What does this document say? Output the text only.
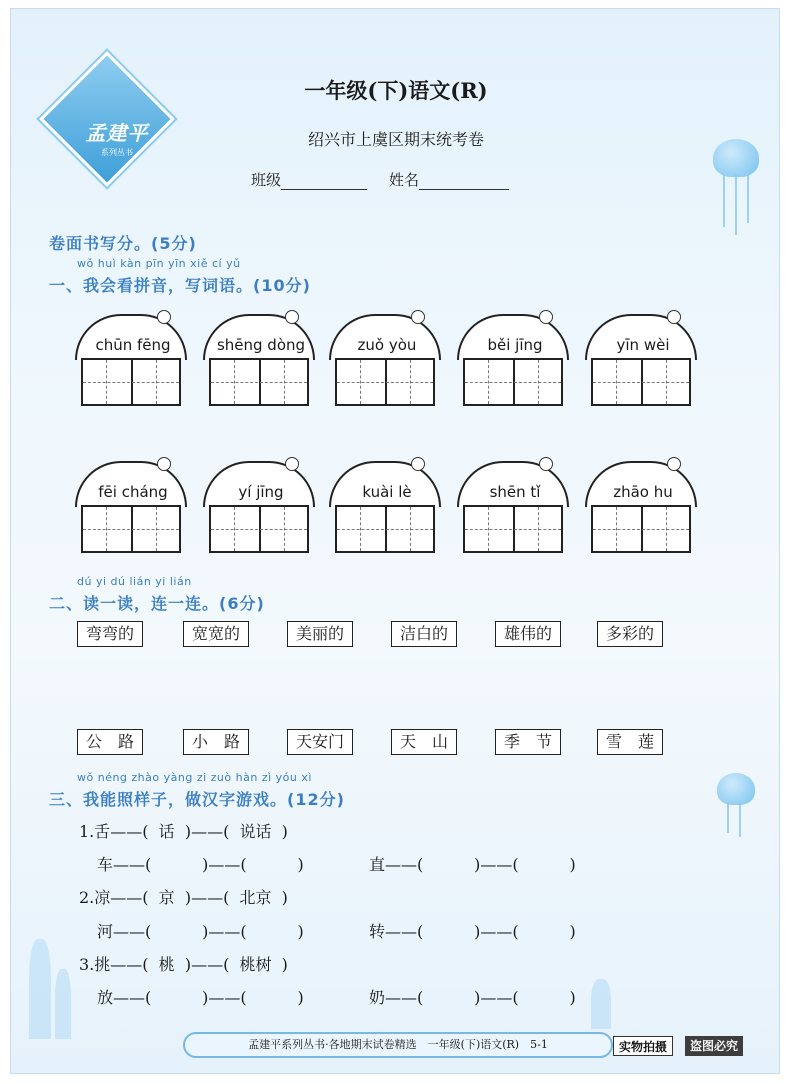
孟建平
系列丛书
一年级(下)语文(R)
绍兴市上虞区期末统考卷
班级	姓名
卷面书写分。(5分)
wǒ huì kàn pīn yīn xiě cí yǔ
一、我会看拼音，写词语。(10分)
chūn fēng	shēng dòng	zuǒ yòu	běi jīng	yīn wèi
fēi cháng	yí jīng	kuài lè	shēn tǐ	zhāo hu
dú yi dú lián yi lián
二、读一读，连一连。(6分)
弯弯的	宽宽的	美丽的	洁白的	雄伟的	多彩的
公　路	小　路	天安门	天　山	季　节	雪　莲
wǒ néng zhào yàng zi zuò hàn zì yóu xì
三、我能照样子，做汉字游戏。(12分)
1.舌——(  话  )——(  说话  )
车——(          )——(          )	直——(          )——(          )
2.凉——(  京  )——(  北京  )
河——(          )——(          )	转——(          )——(          )
3.挑——(  桃  )——(  桃树  )
放——(          )——(          )	奶——(          )——(          )
孟建平系列丛书·各地期末试卷精选　一年级(下)语文(R)　5-1	实物拍摄	盗图必究
